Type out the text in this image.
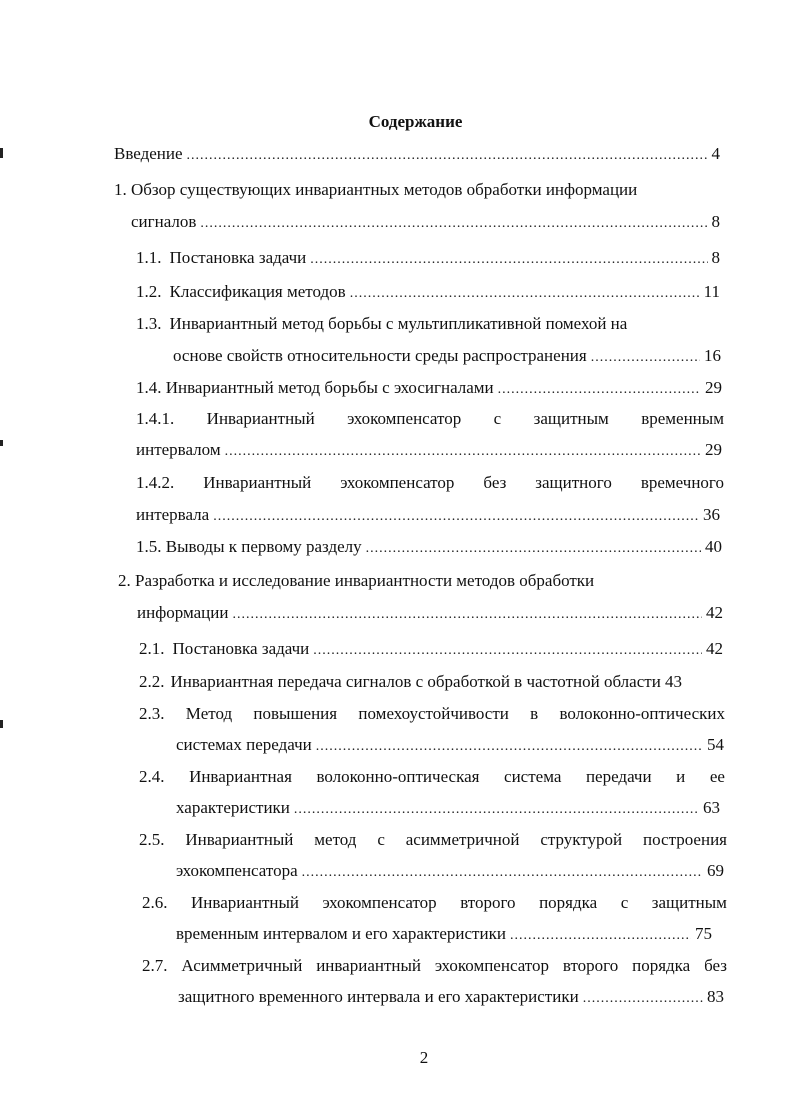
Содержание
Введение .....	4
1. Обзор существующих инвариантных методов обработки информации
сигналов .....	8
1.1. Постановка задачи .....	8
1.2. Классификация методов .....	11
1.3. Инвариантный метод борьбы с мультипликативной помехой на
основе свойств относительности среды распространения .....	16
1.4. Инвариантный метод борьбы с эхосигналами .....	29
1.4.1. Инвариантный эхокомпенсатор с защитным временным
интервалом .....	29
1.4.2. Инвариантный эхокомпенсатор без защитного времечного
интервала .....	36
1.5. Выводы к первому разделу .....	40
2. Разработка и исследование инвариантности методов обработки
информации .....	42
2.1. Постановка задачи .....	42
2.2. Инвариантная передача сигналов с обработкой в частотной области 43
2.3. Метод повышения помехоустойчивости в волоконно-оптических
системах передачи .....	54
2.4. Инвариантная волоконно-оптическая система передачи и ее
характеристики .....	63
2.5. Инвариантный метод с асимметричной структурой построения
эхокомпенсатора .....	69
2.6. Инвариантный эхокомпенсатор второго порядка с защитным
временным интервалом и его характеристики .....	75
2.7. Асимметричный инвариантный эхокомпенсатор второго порядка без
защитного временного интервала и его характеристики .....	83
2
